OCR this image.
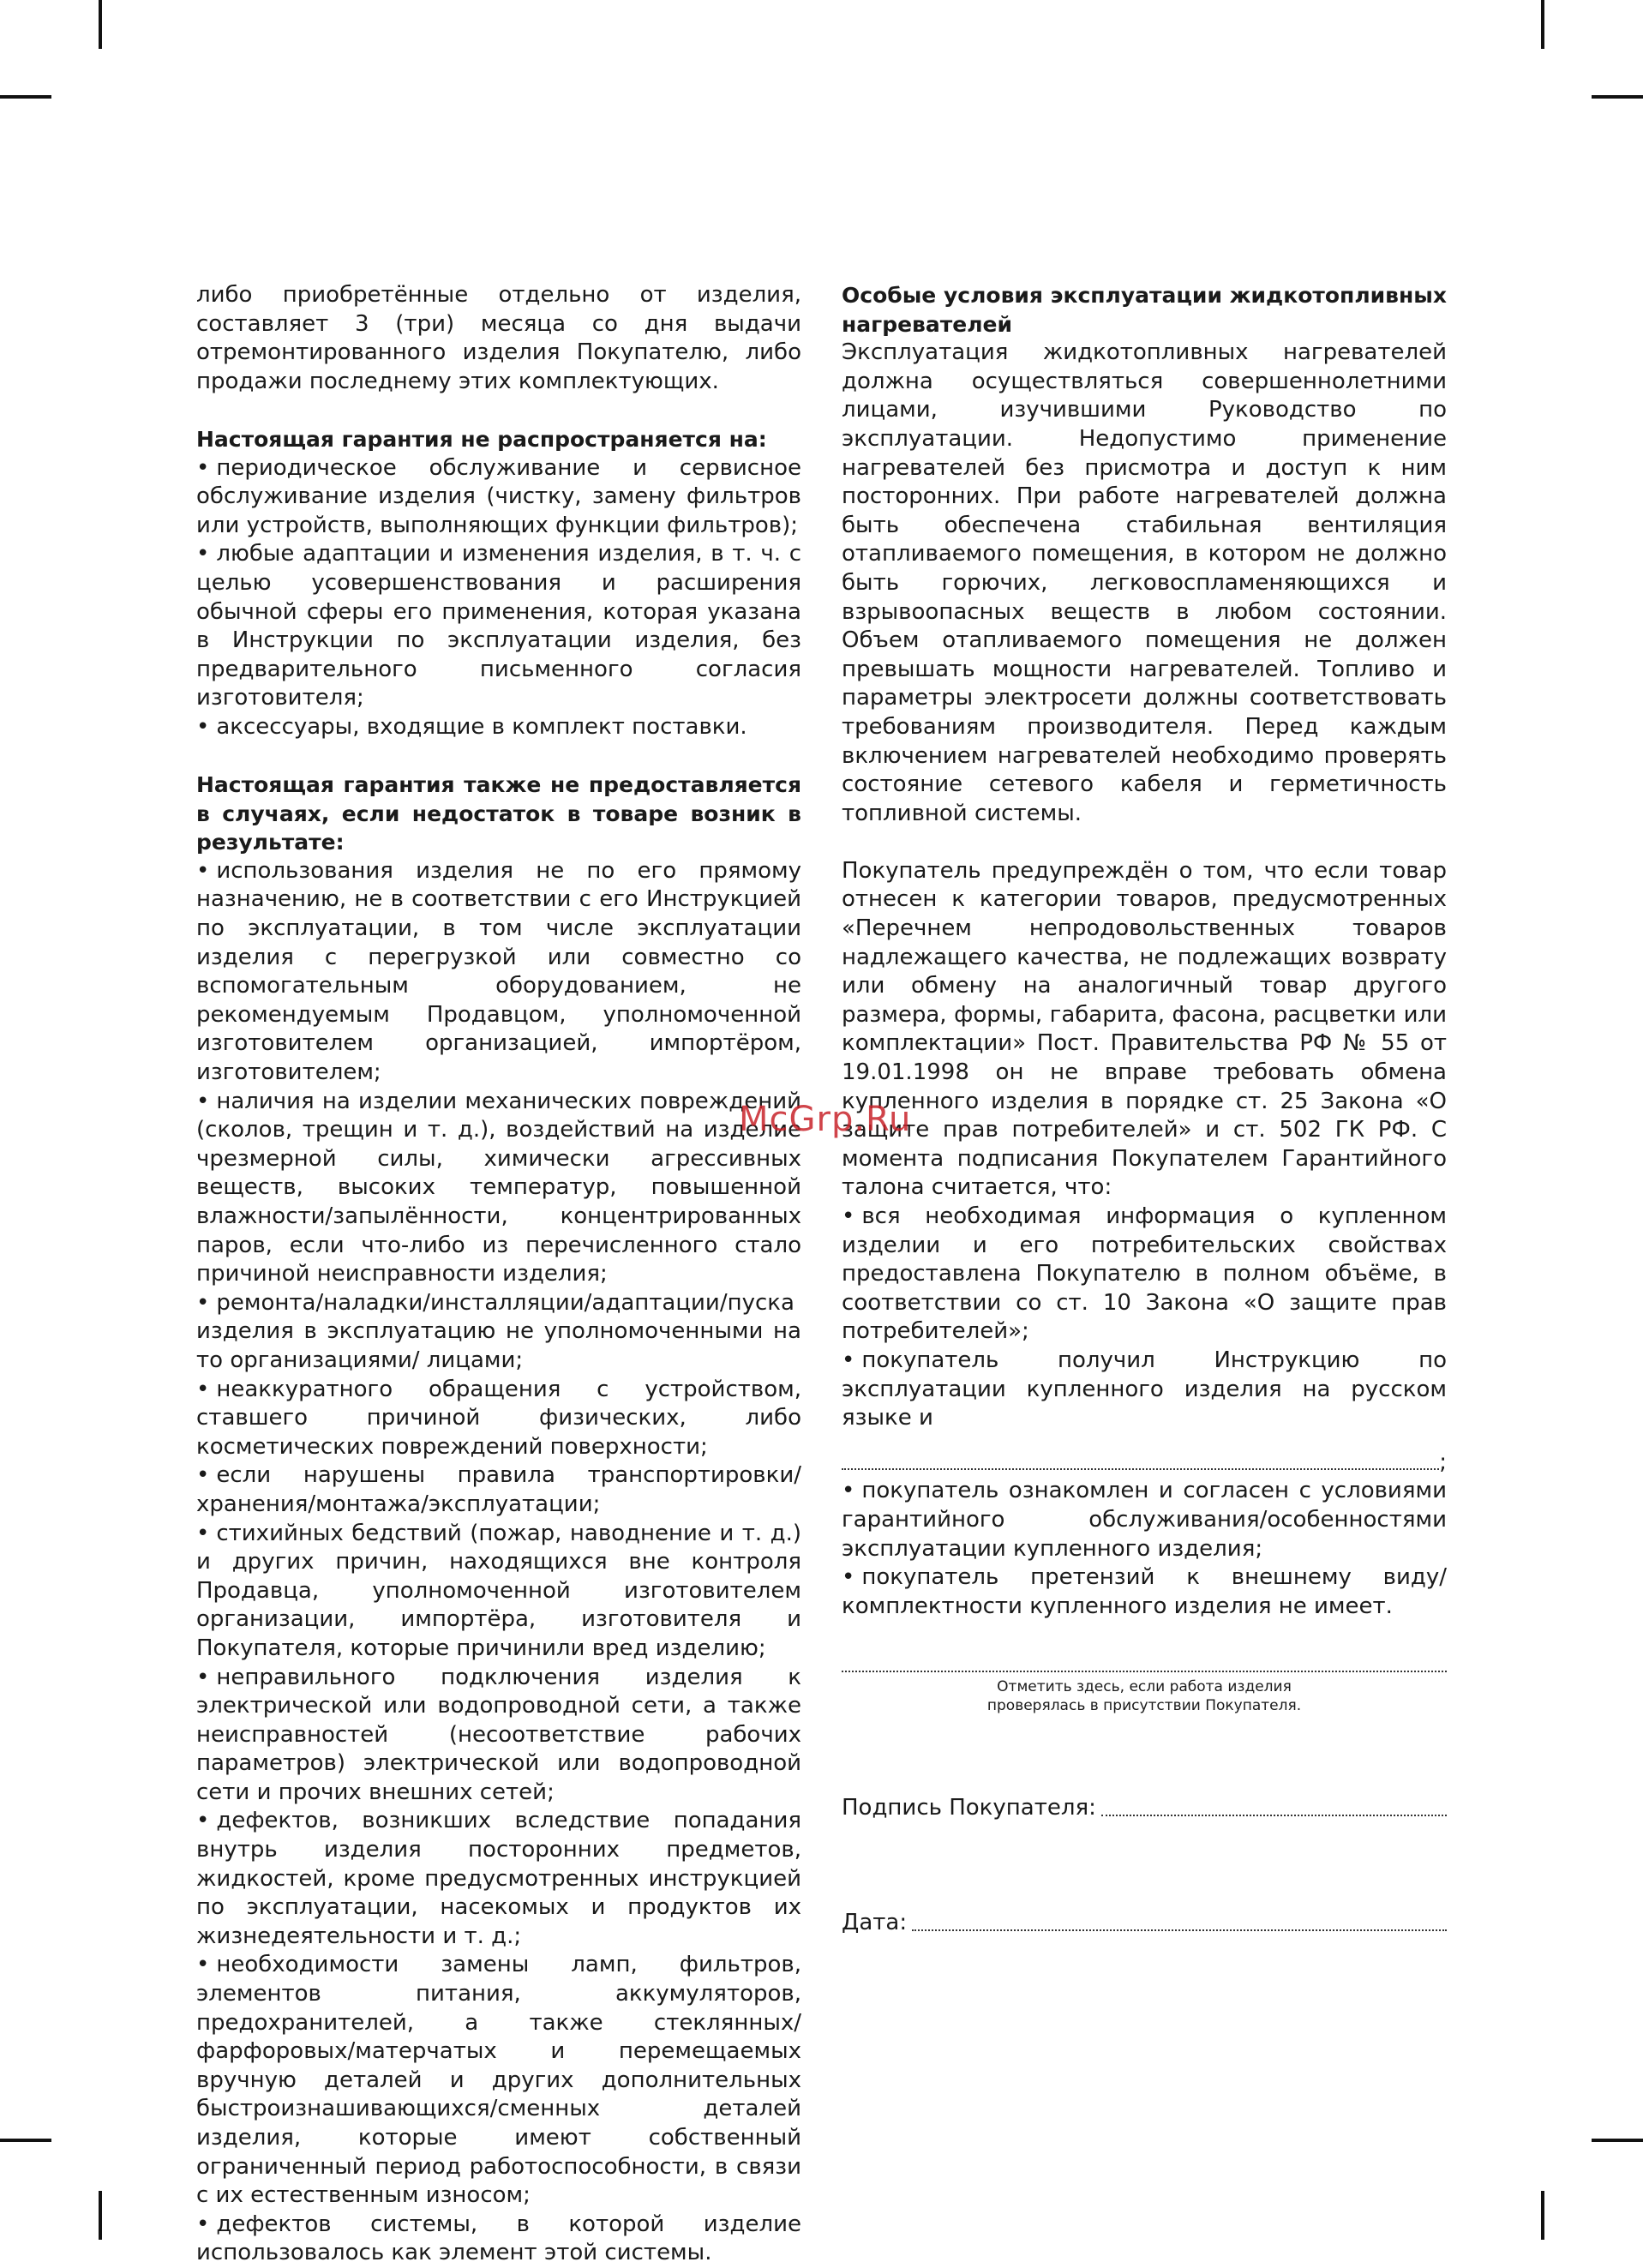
либо приобретённые отдельно от изделия, составляет 3 (три) месяца со дня выдачи отремонтированного изделия Покупателю, либо продажи последнему этих комплектующих.

Настоящая гарантия не распространяется на:
• периодическое обслуживание и сервисное обслуживание изделия (чистку, замену фильтров или устройств, выполняющих функции фильтров);
• любые адаптации и изменения изделия, в т. ч. с целью усовершенствования и расширения обычной сферы его применения, которая указана в Инструкции по эксплуатации изделия, без предварительного письменного согласия изготовителя;
• аксессуары, входящие в комплект поставки.
Настоящая гарантия также не предоставляется в случаях, если недостаток в товаре возник в результате:
• использования изделия не по его прямому назначению, не в соответствии с его Инструкцией по эксплуатации, в том числе эксплуатации изделия с перегрузкой или совместно со вспомогательным оборудованием, не рекомендуемым Продавцом, уполномоченной изготовителем организацией, импортёром, изготовителем;
• наличия на изделии механических повреждений (сколов, трещин и т. д.), воздействий на изделие чрезмерной силы, химически агрессивных веществ, высоких температур, повышенной влажности/запылённости, концентрированных паров, если что-либо из перечисленного стало причиной неисправности изделия;
• ремонта/наладки/инсталляции/адаптации/пуска изделия в эксплуатацию не уполномоченными на то организациями/ лицами;
• неаккуратного обращения с устройством, ставшего причиной физических, либо косметических повреждений поверхности;
• если нарушены правила транспортировки/хранения/монтажа/эксплуатации;
• стихийных бедствий (пожар, наводнение и т. д.) и других причин, находящихся вне контроля Продавца, уполномоченной изготовителем организации, импортёра, изготовителя и Покупателя, которые причинили вред изделию;
• неправильного подключения изделия к электрической или водопроводной сети, а также неисправностей (несоответствие рабочих параметров) электрической или водопроводной сети и прочих внешних сетей;
• дефектов, возникших вследствие попадания внутрь изделия посторонних предметов, жидкостей, кроме предусмотренных инструкцией по эксплуатации, насекомых и продуктов их жизнедеятельности и т. д.;
• необходимости замены ламп, фильтров, элементов питания, аккумуляторов, предохранителей, а также стеклянных/фарфоровых/матерчатых и перемещаемых вручную деталей и других дополнительных быстроизнашивающихся/сменных деталей изделия, которые имеют собственный ограниченный период работоспособности, в связи с их естественным износом;
• дефектов системы, в которой изделие использовалось как элемент этой системы.
Особые условия эксплуатации жидкотопливных нагревателей

Эксплуатация жидкотопливных нагревателей должна осуществляться совершеннолетними лицами, изучившими Руководство по эксплуатации. Недопустимо применение нагревателей без присмотра и доступ к ним посторонних. При работе нагревателей должна быть обеспечена стабильная вентиляция отапливаемого помещения, в котором не должно быть горючих, легковоспламеняющихся и взрывоопасных веществ в любом состоянии. Объем отапливаемого помещения не должен превышать мощности нагревателей. Топливо и параметры электросети должны соответствовать требованиям производителя. Перед каждым включением нагревателей необходимо проверять состояние сетевого кабеля и герметичность топливной системы.

Покупатель предупреждён о том, что если товар отнесен к категории товаров, предусмотренных «Перечнем непродовольственных товаров надлежащего качества, не подлежащих возврату или обмену на аналогичный товар другого размера, формы, габарита, фасона, расцветки или комплектации» Пост. Правительства РФ № 55 от 19.01.1998 он не вправе требовать обмена купленного изделия в порядке ст. 25 Закона «О защите прав потребителей» и ст. 502 ГК РФ. С момента подписания Покупателем Гарантийного талона считается, что:

• вся необходимая информация о купленном изделии и его потребительских свойствах предоставлена Покупателю в полном объёме, в соответствии со ст. 10 Закона «О защите прав потребителей»;
• покупатель получил Инструкцию по эксплуатации купленного изделия на русском языке и
;
• покупатель ознакомлен и согласен с условиями гарантийного обслуживания/особенностями эксплуатации купленного изделия;
• покупатель претензий к внешнему виду/комплектности купленного изделия не имеет.
Отметить здесь, если работа изделия
проверялась в присутствии Покупателя.
Подпись Покупателя:
Дата:
McGrp.Ru
